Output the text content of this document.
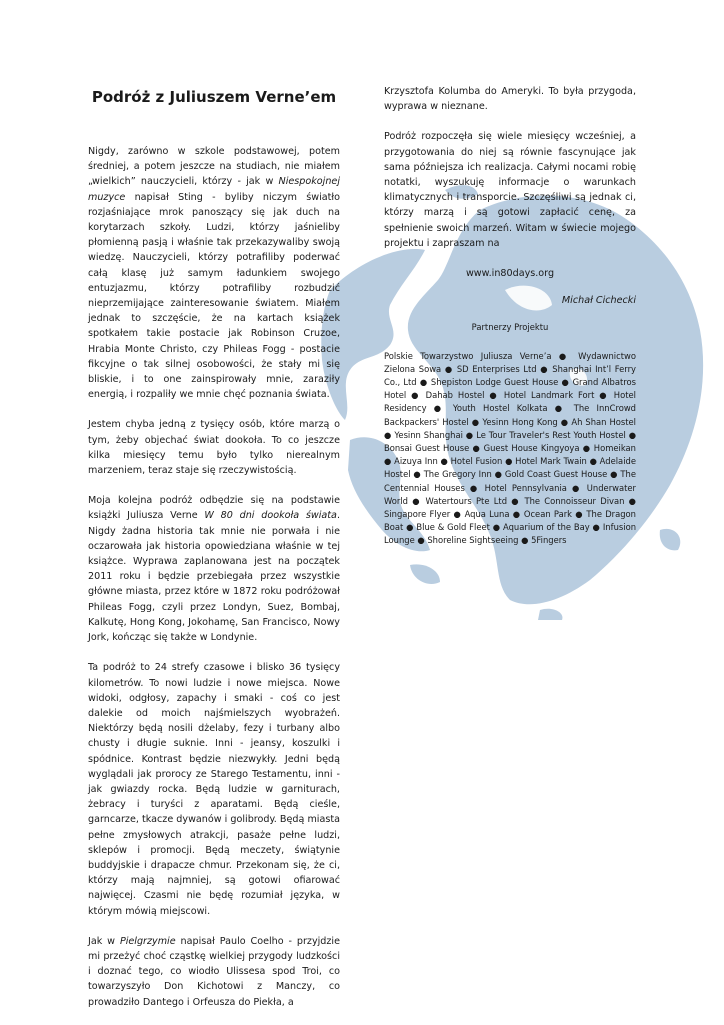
Podróż z Juliuszem Verne’em

Nigdy, zarówno w szkole podstawowej, potem średniej, a potem jeszcze na studiach, nie miałem „wielkich” nauczycieli, którzy - jak w Niespokojnej muzyce napisał Sting - byliby niczym światło rozjaśniające mrok panoszący się jak duch na korytarzach szkoły. Ludzi, którzy jaśnieliby płomienną pasją i właśnie tak przekazywaliby swoją wiedzę. Nauczycieli, którzy potrafiliby poderwać całą klasę już samym ładunkiem swojego entuzjazmu, którzy potrafiliby rozbudzić nieprzemijające zainteresowanie światem. Miałem jednak to szczęście, że na kartach książek spotkałem takie postacie jak Robinson Cruzoe, Hrabia Monte Christo, czy Phileas Fogg - postacie fikcyjne o tak silnej osobowości, że stały mi się bliskie, i to one zainspirowały mnie, zaraziły energią, i rozpaliły we mnie chęć poznania świata.

Jestem chyba jedną z tysięcy osób, które marzą o tym, żeby objechać świat dookoła. To co jeszcze kilka miesięcy temu było tylko nierealnym marzeniem, teraz staje się rzeczywistością.

Moja kolejna podróż odbędzie się na podstawie książki Juliusza Verne W 80 dni dookoła świata. Nigdy żadna historia tak mnie nie porwała i nie oczarowała jak historia opowiedziana właśnie w tej książce. Wyprawa zaplanowana jest na początek 2011 roku i będzie przebiegała przez wszystkie główne miasta, przez które w 1872 roku podróżował Phileas Fogg, czyli przez Londyn, Suez, Bombaj, Kalkutę, Hong Kong, Jokohamę, San Francisco, Nowy Jork, kończąc się także w Londynie.

Ta podróż to 24 strefy czasowe i blisko 36 tysięcy kilometrów. To nowi ludzie i nowe miejsca. Nowe widoki, odgłosy, zapachy i smaki - coś co jest dalekie od moich najśmielszych wyobrażeń. Niektórzy będą nosili dżelaby, fezy i turbany albo chusty i długie suknie. Inni - jeansy, koszulki i spódnice. Kontrast będzie niezwykły. Jedni będą wyglądali jak prorocy ze Starego Testamentu, inni - jak gwiazdy rocka. Będą ludzie w garniturach, żebracy i turyści z aparatami. Będą cieśle, garncarze, tkacze dywanów i golibrody. Będą miasta pełne zmysłowych atrakcji, pasaże pełne ludzi, sklepów i promocji. Będą meczety, świątynie buddyjskie i drapacze chmur. Przekonam się, że ci, którzy mają najmniej, są gotowi ofiarować najwięcej. Czasmi nie będę rozumiał języka, w którym mówią miejscowi.

Jak w Pielgrzymie napisał Paulo Coelho - przyjdzie mi przeżyć choć cząstkę wielkiej przygody ludzkości i doznać tego, co wiodło Ulissesa spod Troi, co towarzyszyło Don Kichotowi z Manczy, co prowadziło Dantego i Orfeusza do Piekła, a

Krzysztofa Kolumba do Ameryki. To była przygoda, wyprawa w nieznane.

Podróż rozpoczęła się wiele miesięcy wcześniej, a przygotowania do niej są równie fascynujące jak sama późniejsza ich realizacja. Całymi nocami robię notatki, wyszukuję informacje o warunkach klimatycznych i transporcie. Szczęśliwi są jednak ci, którzy marzą i są gotowi zapłacić cenę, za spełnienie swoich marzeń. Witam w świecie mojego projektu i zapraszam na

www.in80days.org
Michał Cichecki
Partnerzy Projektu
Polskie Towarzystwo Juliusza Verne’a ● Wydawnictwo Zielona Sowa ● SD Enterprises Ltd ● Shanghai Int’l Ferry Co., Ltd ● Shepiston Lodge Guest House ● Grand Albatros Hotel ● Dahab Hostel ● Hotel Landmark Fort ● Hotel Residency ● Youth Hostel Kolkata ● The InnCrowd Backpackers' Hostel ● Yesinn Hong Kong ● Ah Shan Hostel ● Yesinn Shanghai ● Le Tour Traveler's Rest Youth Hostel ● Bonsai Guest House ● Guest House Kingyoya ● Homeikan ● Aizuya Inn ● Hotel Fusion ● Hotel Mark Twain ● Adelaide Hostel ● The Gregory Inn ● Gold Coast Guest House ● The Centennial Houses ● Hotel Pennsylvania ● Underwater World ● Watertours Pte Ltd ● The Connoisseur Divan ● Singapore Flyer ● Aqua Luna ● Ocean Park ● The Dragon Boat ● Blue & Gold Fleet ● Aquarium of the Bay ● Infusion Lounge ● Shoreline Sightseeing ● 5Fingers
